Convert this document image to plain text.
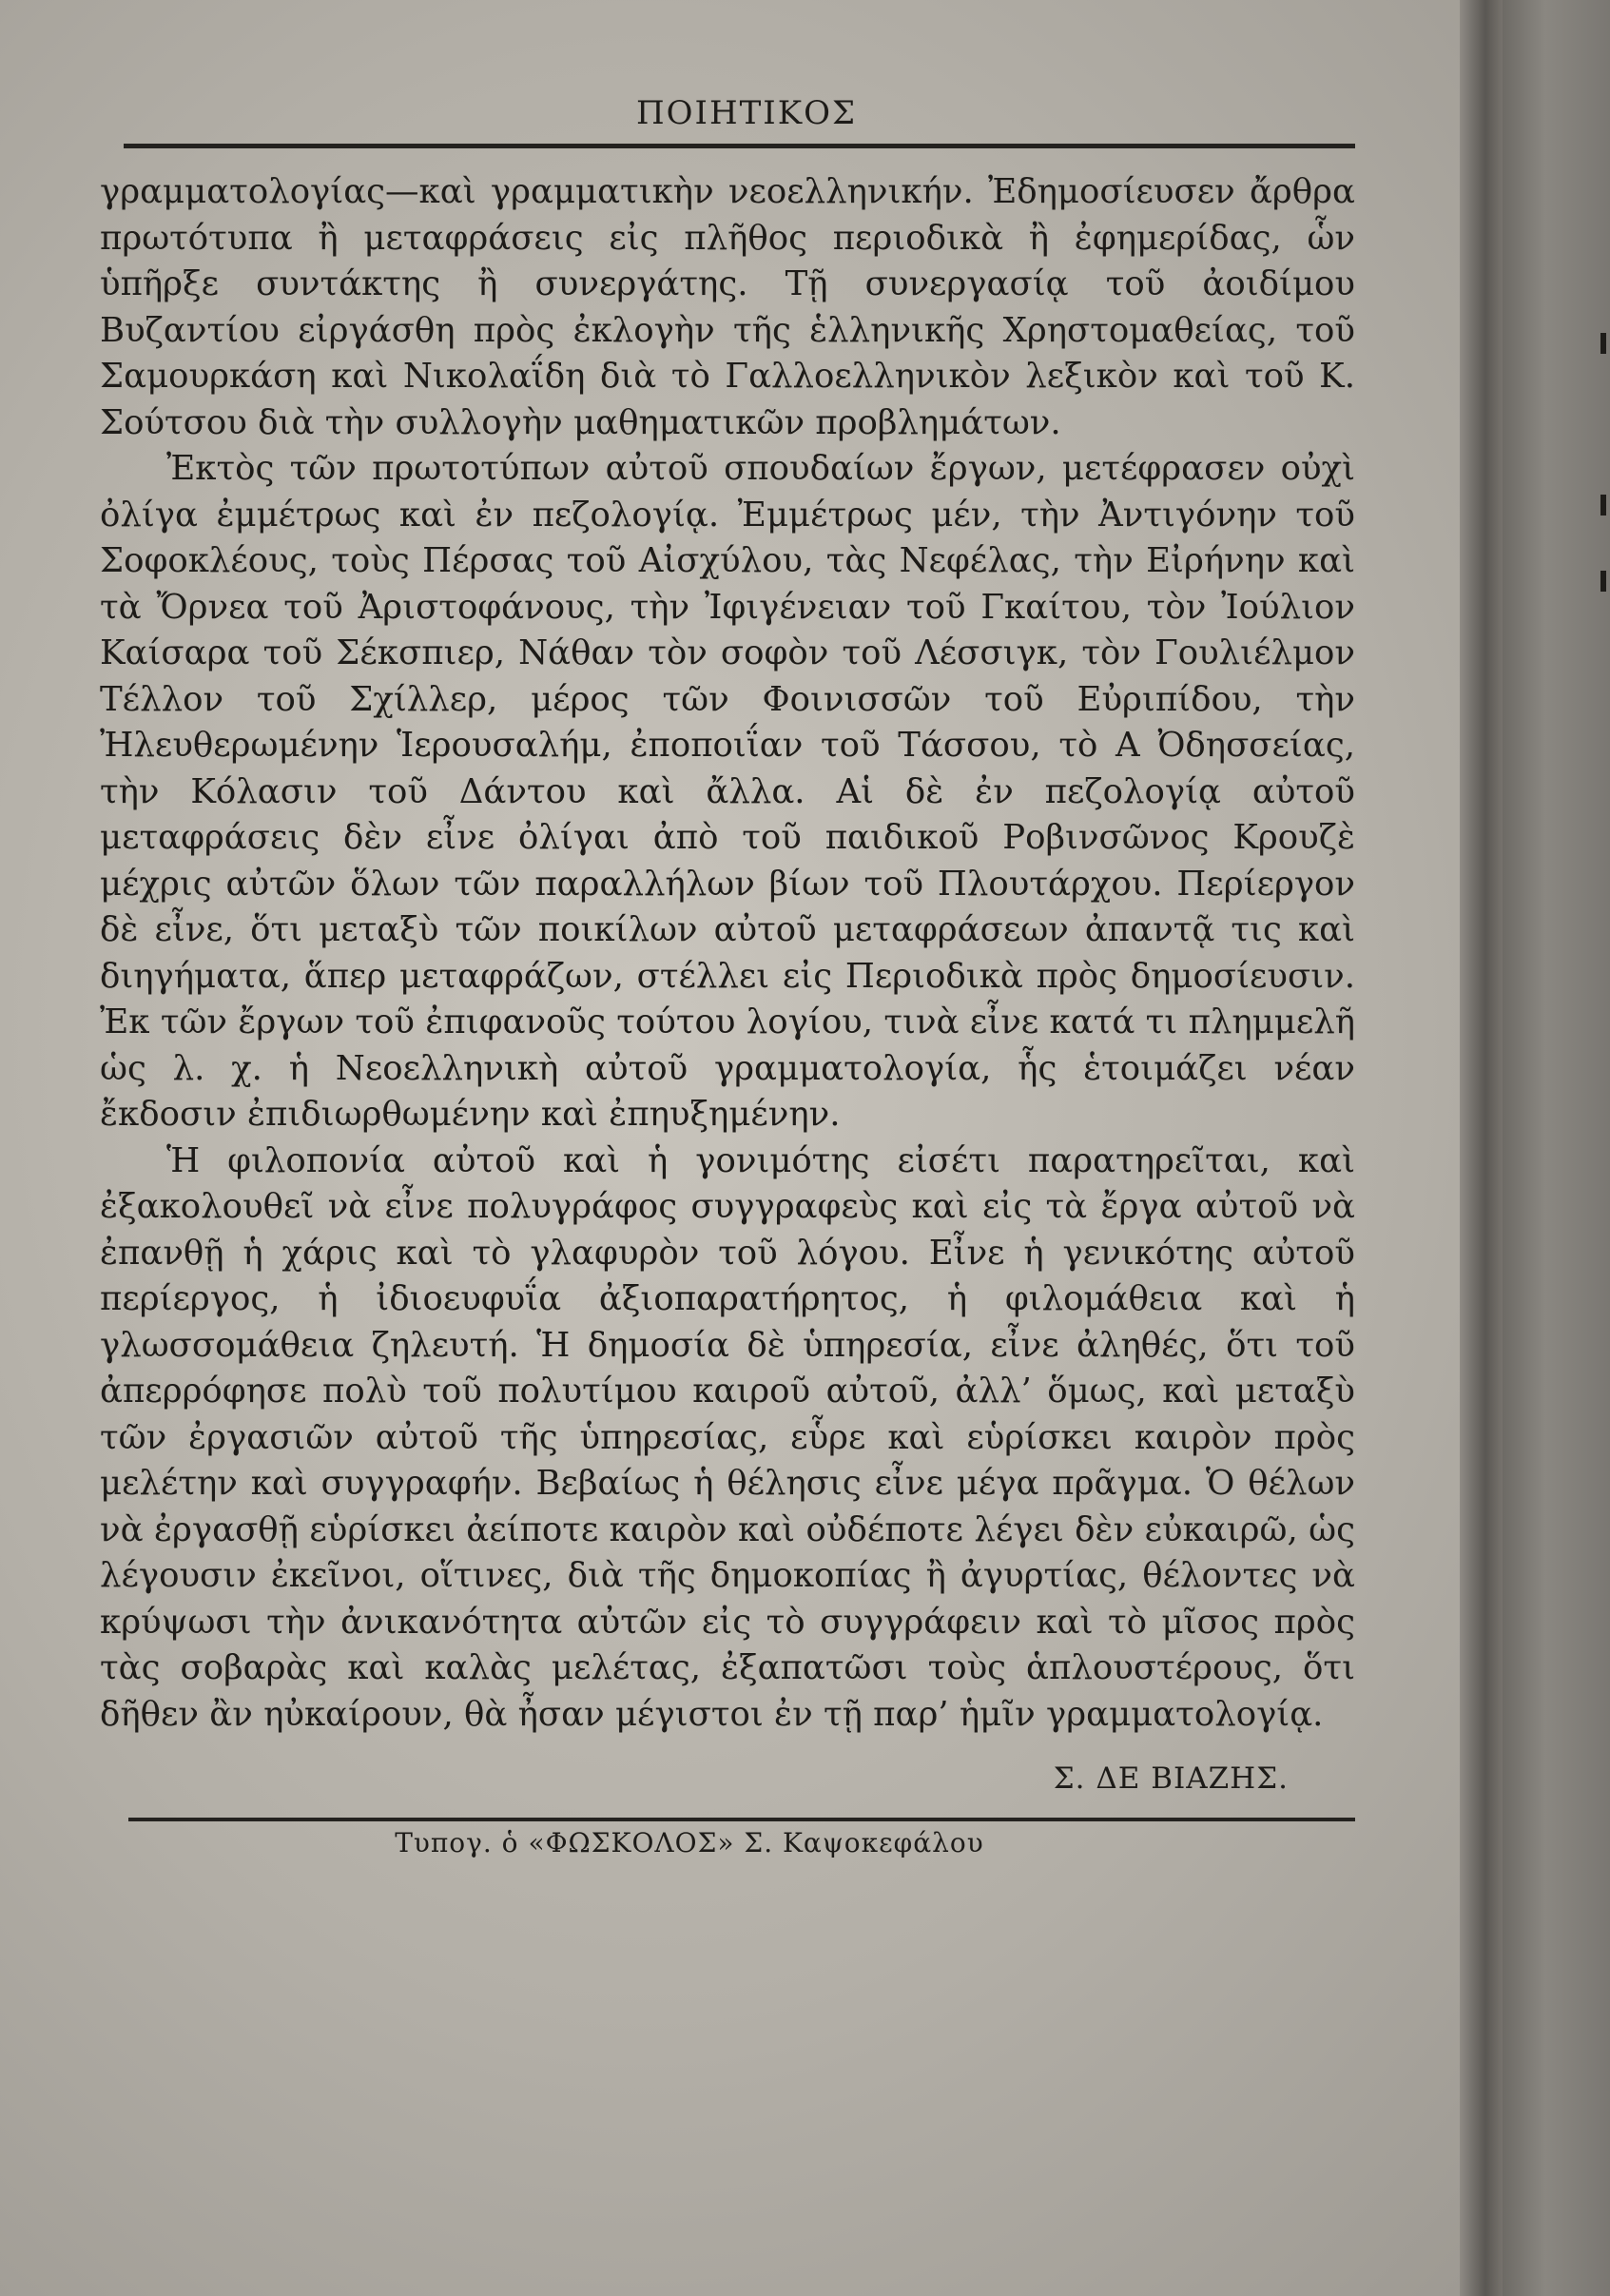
ΠΟΙΗΤΙΚΟΣ

γραμματολογίας—καὶ γραμματικὴν νεοελληνικήν. Ἐδημοσίευσεν ἄρθρα πρωτότυπα ἢ μεταφράσεις εἰς πλῆθος περιοδικὰ ἢ ἐφημερίδας, ὧν ὑπῆρξε συντάκτης ἢ συνεργάτης. Τῇ συνεργασίᾳ τοῦ ἀοιδίμου Βυζαντίου εἰργάσθη πρὸς ἐκλογὴν τῆς ἑλληνικῆς Χρηστομαθείας, τοῦ Σαμουρκάση καὶ Νικολαΐδη διὰ τὸ Γαλλοελληνικὸν λεξικὸν καὶ τοῦ Κ. Σούτσου διὰ τὴν συλλογὴν μαθηματικῶν προβλημάτων.

Ἐκτὸς τῶν πρωτοτύπων αὐτοῦ σπουδαίων ἔργων, μετέφρασεν οὐχὶ ὀλίγα ἐμμέτρως καὶ ἐν πεζολογίᾳ. Ἐμμέτρως μέν, τὴν Ἀντιγόνην τοῦ Σοφοκλέους, τοὺς Πέρσας τοῦ Αἰσχύλου, τὰς Νεφέλας, τὴν Εἰρήνην καὶ τὰ Ὄρνεα τοῦ Ἀριστοφάνους, τὴν Ἰφιγένειαν τοῦ Γκαίτου, τὸν Ἰούλιον Καίσαρα τοῦ Σέκσπιερ, Νάθαν τὸν σοφὸν τοῦ Λέσσιγκ, τὸν Γουλιέλμον Τέλλον τοῦ Σχίλλερ, μέρος τῶν Φοινισσῶν τοῦ Εὐριπίδου, τὴν Ἠλευθερωμένην Ἱερουσαλήμ, ἐποποιΐαν τοῦ Τάσσου, τὸ Α Ὀδησσείας, τὴν Κόλασιν τοῦ Δάντου καὶ ἄλλα. Αἱ δὲ ἐν πεζολογίᾳ αὐτοῦ μεταφράσεις δὲν εἶνε ὀλίγαι ἀπὸ τοῦ παιδικοῦ Ροβινσῶνος Κρουζὲ μέχρις αὐτῶν ὅλων τῶν παραλλήλων βίων τοῦ Πλουτάρχου. Περίεργον δὲ εἶνε, ὅτι μεταξὺ τῶν ποικίλων αὐτοῦ μεταφράσεων ἀπαντᾷ τις καὶ διηγήματα, ἅπερ μεταφράζων, στέλλει εἰς Περιοδικὰ πρὸς δημοσίευσιν. Ἐκ τῶν ἔργων τοῦ ἐπιφανοῦς τούτου λογίου, τινὰ εἶνε κατά τι πλημμελῆ ὡς λ. χ. ἡ Νεοελληνικὴ αὐτοῦ γραμματολογία, ἧς ἑτοιμάζει νέαν ἔκδοσιν ἐπιδιωρθωμένην καὶ ἐπηυξημένην.

Ἡ φιλοπονία αὐτοῦ καὶ ἡ γονιμότης εἰσέτι παρατηρεῖται, καὶ ἐξακολουθεῖ νὰ εἶνε πολυγράφος συγγραφεὺς καὶ εἰς τὰ ἔργα αὐτοῦ νὰ ἐπανθῇ ἡ χάρις καὶ τὸ γλαφυρὸν τοῦ λόγου. Εἶνε ἡ γενικότης αὐτοῦ περίεργος, ἡ ἰδιοευφυΐα ἀξιοπαρατήρητος, ἡ φιλομάθεια καὶ ἡ γλωσσομάθεια ζηλευτή. Ἡ δημοσία δὲ ὑπηρεσία, εἶνε ἀληθές, ὅτι τοῦ ἀπερρόφησε πολὺ τοῦ πολυτίμου καιροῦ αὐτοῦ, ἀλλ’ ὅμως, καὶ μεταξὺ τῶν ἐργασιῶν αὐτοῦ τῆς ὑπηρεσίας, εὗρε καὶ εὑρίσκει καιρὸν πρὸς μελέτην καὶ συγγραφήν. Βεβαίως ἡ θέλησις εἶνε μέγα πρᾶγμα. Ὁ θέλων νὰ ἐργασθῇ εὑρίσκει ἀείποτε καιρὸν καὶ οὐδέποτε λέγει δὲν εὐκαιρῶ, ὡς λέγουσιν ἐκεῖνοι, οἵτινες, διὰ τῆς δημοκοπίας ἢ ἀγυρτίας, θέλοντες νὰ κρύψωσι τὴν ἀνικανότητα αὐτῶν εἰς τὸ συγγράφειν καὶ τὸ μῖσος πρὸς τὰς σοβαρὰς καὶ καλὰς μελέτας, ἐξαπατῶσι τοὺς ἁπλουστέρους, ὅτι δῆθεν ἂν ηὐκαίρουν, θὰ ἦσαν μέγιστοι ἐν τῇ παρ’ ἡμῖν γραμματολογίᾳ.

Σ. ΔΕ ΒΙΑΖΗΣ.
Τυπογ. ὁ «ΦΩΣΚΟΛΟΣ» Σ. Καψοκεφάλου
